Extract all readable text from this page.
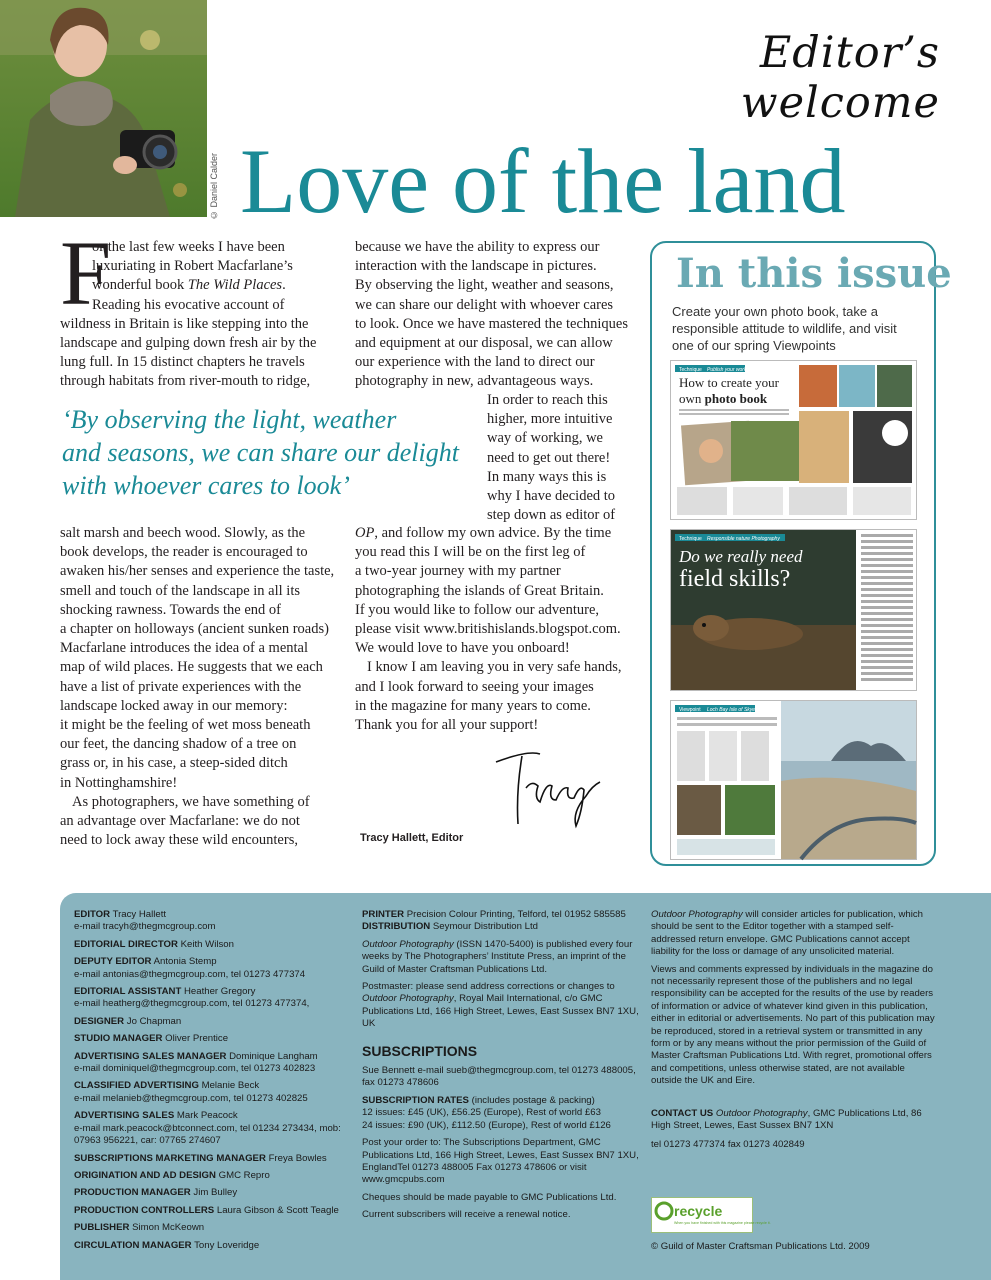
© Daniel Calder
Editor’s welcome
Love of the land
F
or the last few weeks I have been
luxuriating in Robert Macfarlane’s
wonderful book The Wild Places.
Reading his evocative account of
wildness in Britain is like stepping into the
landscape and gulping down fresh air by the
lung full. In 15 distinct chapters he travels
through habitats from river-mouth to ridge,

because we have the ability to express our

interaction with the landscape in pictures.

By observing the light, weather and seasons,

we can share our delight with whoever cares

to look. Once we have mastered the techniques

and equipment at our disposal, we can allow

our experience with the land to direct our

photography in new, advantageous ways.

In order to reach this

higher, more intuitive

way of working, we

need to get out there!

In many ways this is

why I have decided to

step down as editor of

‘By observing the light, weather
and seasons, we can share our delight
with whoever cares to look’

salt marsh and beech wood. Slowly, as the

book develops, the reader is encouraged to

awaken his/her senses and experience the taste,

smell and touch of the landscape in all its

shocking rawness. Towards the end of

a chapter on holloways (ancient sunken roads)

Macfarlane introduces the idea of a mental

map of wild places. He suggests that we each

have a list of private experiences with the

landscape locked away in our memory:

it might be the feeling of wet moss beneath

our feet, the dancing shadow of a tree on

grass or, in his case, a steep-sided ditch

in Nottinghamshire!

As photographers, we have something of

an advantage over Macfarlane: we do not

need to lock away these wild encounters,

OP, and follow my own advice. By the time

you read this I will be on the first leg of

a two-year journey with my partner

photographing the islands of Great Britain.

If you would like to follow our adventure,

please visit www.britishislands.blogspot.com.

We would love to have you onboard!

I know I am leaving you in very safe hands,

and I look forward to seeing your images

in the magazine for many years to come.

Thank you for all your support!

Tracy Hallett, Editor
In this issue
Create your own photo book, take a responsible attitude to wildlife, and visit one of our spring Viewpoints
Technique Publish your work
How to create your
own photo book
Technique Responsible nature Photography
Do we really need
field skills?
Viewpoint Loch Bay Isle of Skye
EDITOR Tracy Hallett
e-mail tracyh@thegmcgroup.com
EDITORIAL DIRECTOR Keith Wilson
DEPUTY EDITOR Antonia Stemp
e-mail antonias@thegmcgroup.com, tel 01273 477374
EDITORIAL ASSISTANT Heather Gregory
e-mail heatherg@thegmcgroup.com, tel 01273 477374,
DESIGNER Jo Chapman
STUDIO MANAGER Oliver Prentice
ADVERTISING SALES MANAGER Dominique Langham
e-mail dominiquel@thegmcgroup.com, tel 01273 402823
CLASSIFIED ADVERTISING Melanie Beck
e-mail melanieb@thegmcgroup.com, tel 01273 402825
ADVERTISING SALES Mark Peacock
e-mail mark.peacock@btconnect.com, tel 01234 273434, mob: 07963 956221, car: 07765 274607
SUBSCRIPTIONS MARKETING MANAGER Freya Bowles
ORIGINATION AND AD DESIGN GMC Repro
PRODUCTION MANAGER Jim Bulley
PRODUCTION CONTROLLERS Laura Gibson & Scott Teagle
PUBLISHER Simon McKeown
CIRCULATION MANAGER Tony Loveridge
PRINTER Precision Colour Printing, Telford, tel 01952 585585
DISTRIBUTION Seymour Distribution Ltd
Outdoor Photography (ISSN 1470-5400) is published every four weeks by The Photographers’ Institute Press, an imprint of the Guild of Master Craftsman Publications Ltd.
Postmaster: please send address corrections or changes to Outdoor Photography, Royal Mail International, c/o GMC Publications Ltd, 166 High Street, Lewes, East Sussex BN7 1XU, UK
SUBSCRIPTIONS
Sue Bennett e-mail sueb@thegmcgroup.com, tel 01273 488005, fax 01273 478606
SUBSCRIPTION RATES (includes postage & packing)
12 issues: £45 (UK), £56.25 (Europe), Rest of world £63
24 issues: £90 (UK), £112.50 (Europe), Rest of world £126
Post your order to: The Subscriptions Department, GMC Publications Ltd, 166 High Street, Lewes, East Sussex BN7 1XU, EnglandTel 01273 488005 Fax 01273 478606 or visit www.gmcpubs.com
Cheques should be made payable to GMC Publications Ltd.
Current subscribers will receive a renewal notice.
Outdoor Photography will consider articles for publication, which should be sent to the Editor together with a stamped self-addressed return envelope. GMC Publications cannot accept liability for the loss or damage of any unsolicited material.
Views and comments expressed by individuals in the magazine do not necessarily represent those of the publishers and no legal responsibility can be accepted for the results of the use by readers of information or advice of whatever kind given in this publication, either in editorial or advertisements. No part of this publication may be reproduced, stored in a retrieval system or transmitted in any form or by any means without the prior permission of the Guild of Master Craftsman Publications Ltd. With regret, promotional offers and competitions, unless otherwise stated, are not available outside the UK and Eire.
CONTACT US Outdoor Photography, GMC Publications Ltd, 86 High Street, Lewes, East Sussex BN7 1XN
tel 01273 477374 fax 01273 402849
recycle
When you have finished with this magazine please recycle it.
© Guild of Master Craftsman Publications Ltd. 2009
